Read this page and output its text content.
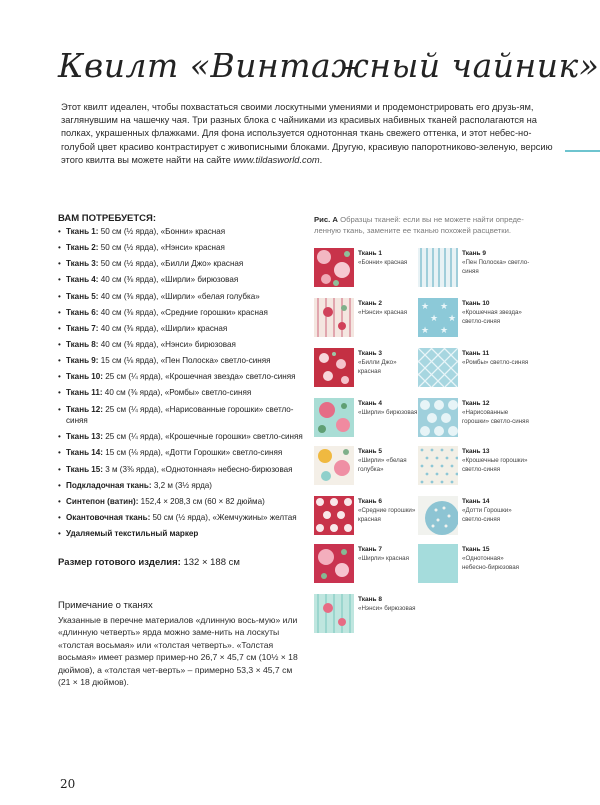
Квилт «Винтажный чайник»

Этот квилт идеален, чтобы похвастаться своими лоскутными умениями и продемонстрировать его друзь-ям, заглянувшим на чашечку чая. Три разных блока с чайниками из красивых набивных тканей располагаются на полках, украшенных флажками. Для фона используется однотонная ткань свежего оттенка, и этот небес-но-голубой цвет красиво контрастирует с живописными блоками. Другую, красивую папоротниково-зеленую, версию этого квилта вы можете найти на сайте www.tildasworld.com.

ВАМ ПОТРЕБУЕТСЯ:
• Ткань 1: 50 см (½ ярда), «Бонни» красная
• Ткань 2: 50 см (½ ярда), «Нэнси» красная
• Ткань 3: 50 см (½ ярда), «Билли Джо» красная
• Ткань 4: 40 см (⅜ ярда), «Ширли» бирюзовая
• Ткань 5: 40 см (⅜ ярда), «Ширли» «белая голубка»
• Ткань 6: 40 см (⅜ ярда), «Средние горошки» красная
• Ткань 7: 40 см (⅜ ярда), «Ширли» красная
• Ткань 8: 40 см (⅜ ярда), «Нэнси» бирюзовая
• Ткань 9: 15 см (⅛ ярда), «Пен Полоска» светло-синяя
• Ткань 10: 25 см (¼ ярда), «Крошечная звезда» светло-синяя
• Ткань 11: 40 см (⅜ ярда), «Ромбы» светло-синяя
• Ткань 12: 25 см (¼ ярда), «Нарисованные горошки» светло-синяя
• Ткань 13: 25 см (¼ ярда), «Крошечные горошки» светло-синяя
• Ткань 14: 15 см (⅛ ярда), «Дотти Горошки» светло-синяя
• Ткань 15: 3 м (3⅜ ярда), «Однотонная» небесно-бирюзовая
• Подкладочная ткань: 3,2 м (3½ ярда)
• Синтепон (ватин): 152,4 × 208,3 см (60 × 82 дюйма)
• Окантовочная ткань: 50 см (½ ярда), «Жемчужины» желтая
• Удаляемый текстильный маркер
Размер готового изделия: 132 × 188 см
Примечание о тканях

Указанные в перечне материалов «длинную вось-мую» или «длинную четверть» ярда можно заме-нить на лоскуты «толстая восьмая» или «толстая четверть». «Толстая восьмая» имеет размер пример-но 26,7 × 45,7 см (10½ × 18 дюймов), а «толстая чет-верть» – примерно 53,3 × 45,7 см (21 × 18 дюймов).

20

Рис. А Образцы тканей: если вы не можете найти опреде-ленную ткань, замените ее тканью похожей расцветки.

Ткань 1
«Бонни» красная
Ткань 2
«Нэнси» красная
Ткань 3
«Билли Джо» красная
Ткань 4
«Ширли» бирюзовая
Ткань 5
«Ширли» «белая голубка»
Ткань 6
«Средние горошки» красная
Ткань 7
«Ширли» красная
Ткань 8
«Нэнси» бирюзовая
Ткань 9
«Пен Полоска» светло-синяя
★ ★
★ ★
★ ★
Ткань 10
«Крошечная звезда» светло-синяя
Ткань 11
«Ромбы» светло-синяя
Ткань 12
«Нарисованные горошки» светло-синяя
Ткань 13
«Крошечные горошки» светло-синяя
Ткань 14
«Дотти Горошки» светло-синяя
Ткань 15
«Однотонная» небесно-бирюзовая
